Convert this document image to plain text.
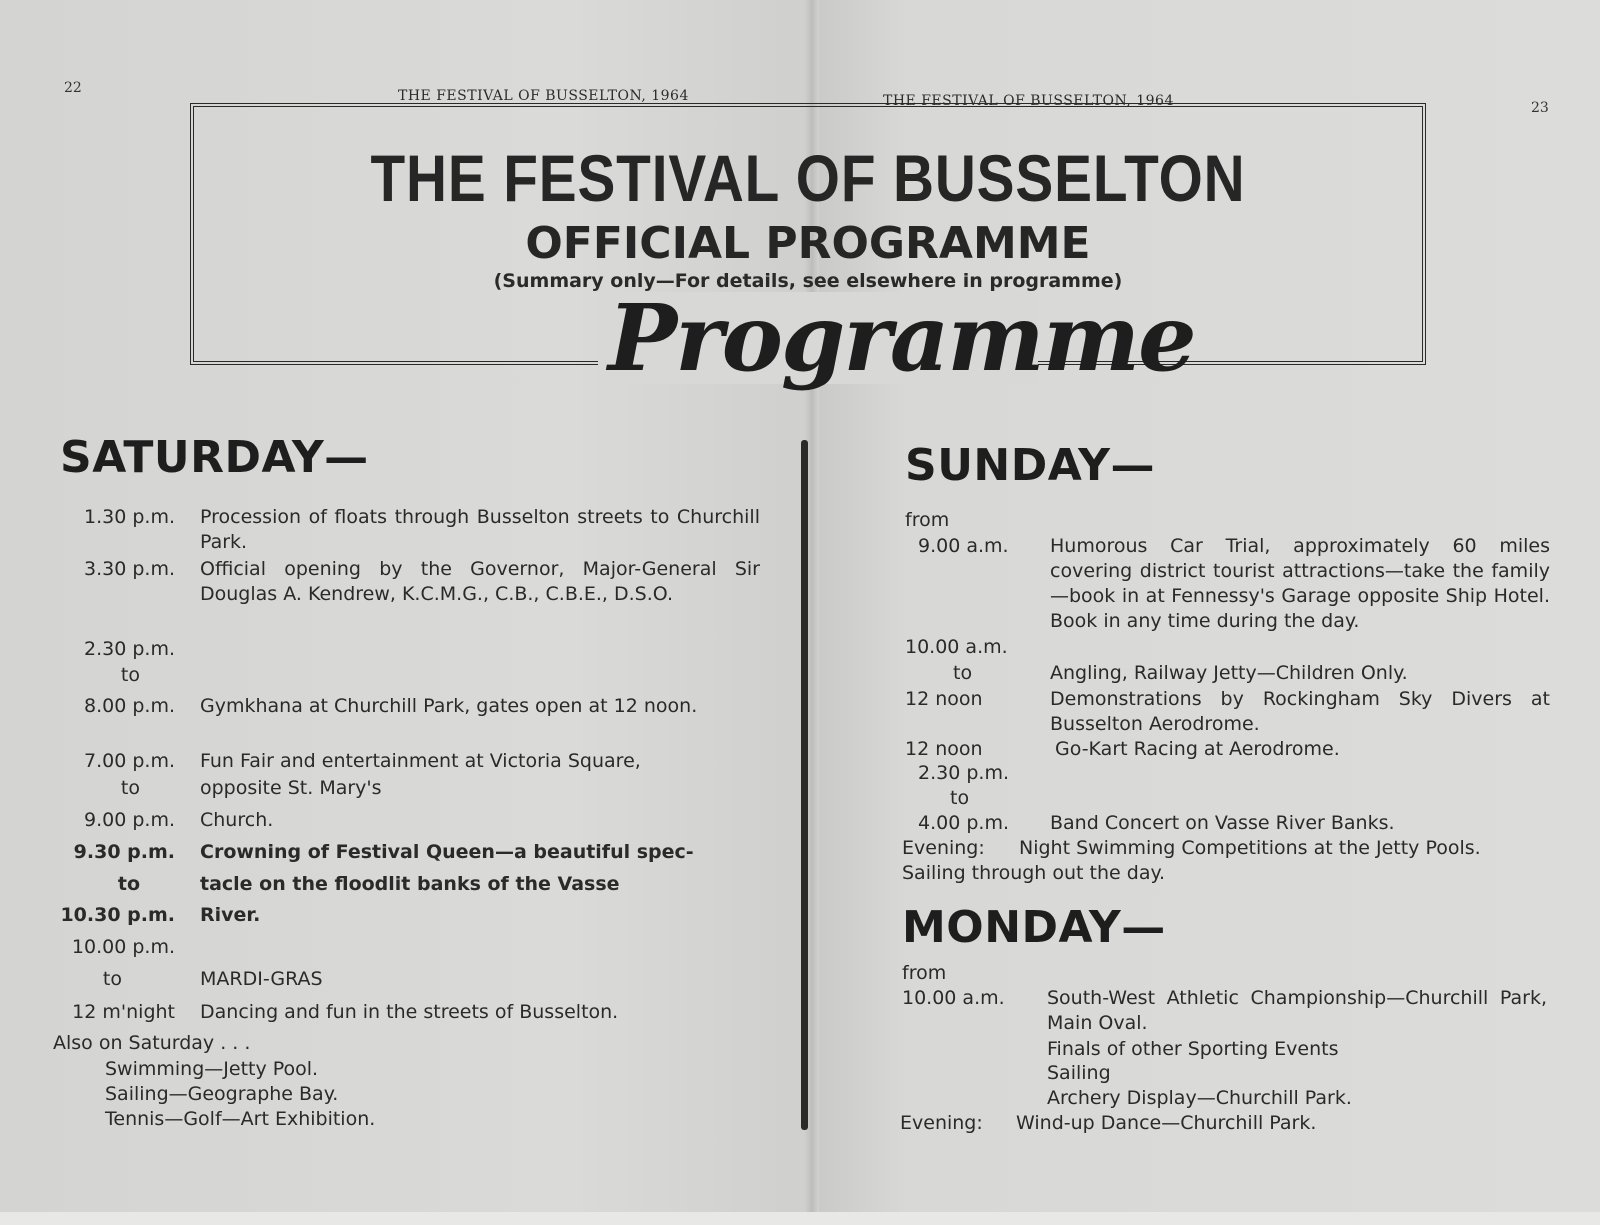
22
23
THE FESTIVAL OF BUSSELTON, 1964	THE FESTIVAL OF BUSSELTON, 1964
THE FESTIVAL OF BUSSELTON
OFFICIAL PROGRAMME
(Summary only—For details, see elsewhere in programme)
Programme
SATURDAY—
1.30 p.m. Procession of floats through Busselton streets to Churchill Park.
3.30 p.m. Official opening by the Governor, Major-General Sir Douglas A. Kendrew, K.C.M.G., C.B., C.B.E., D.S.O.
2.30 p.m.
to
8.00 p.m. Gymkhana at Churchill Park, gates open at 12 noon.
7.00 p.m. Fun Fair and entertainment at Victoria Square,
to	opposite St. Mary's
9.00 p.m. Church.
9.30 p.m. Crowning of Festival Queen—a beautiful spec-
to	tacle on the floodlit banks of the Vasse
10.30 p.m. River.
10.00 p.m.
to	MARDI-GRAS
12 m'night Dancing and fun in the streets of Busselton.
Also on Saturday . . .
Swimming—Jetty Pool.
Sailing—Geographe Bay.
Tennis—Golf—Art Exhibition.
SUNDAY—
from
9.00 a.m.	Humorous Car Trial, approximately 60 miles covering district tourist attractions—take the family—book in at Fennessy's Garage opposite Ship Hotel. Book in any time during the day.
10.00 a.m.
to	Angling, Railway Jetty—Children Only.
12 noon	Demonstrations by Rockingham Sky Divers at Busselton Aerodrome.
12 noon	Go-Kart Racing at Aerodrome.
2.30 p.m.
to
4.00 p.m.	Band Concert on Vasse River Banks.
Evening: Night Swimming Competitions at the Jetty Pools.
Sailing through out the day.
MONDAY—
from
10.00 a.m.	South-West Athletic Championship—Churchill Park, Main Oval.
Finals of other Sporting Events
Sailing
Archery Display—Churchill Park.
Evening: Wind-up Dance—Churchill Park.
